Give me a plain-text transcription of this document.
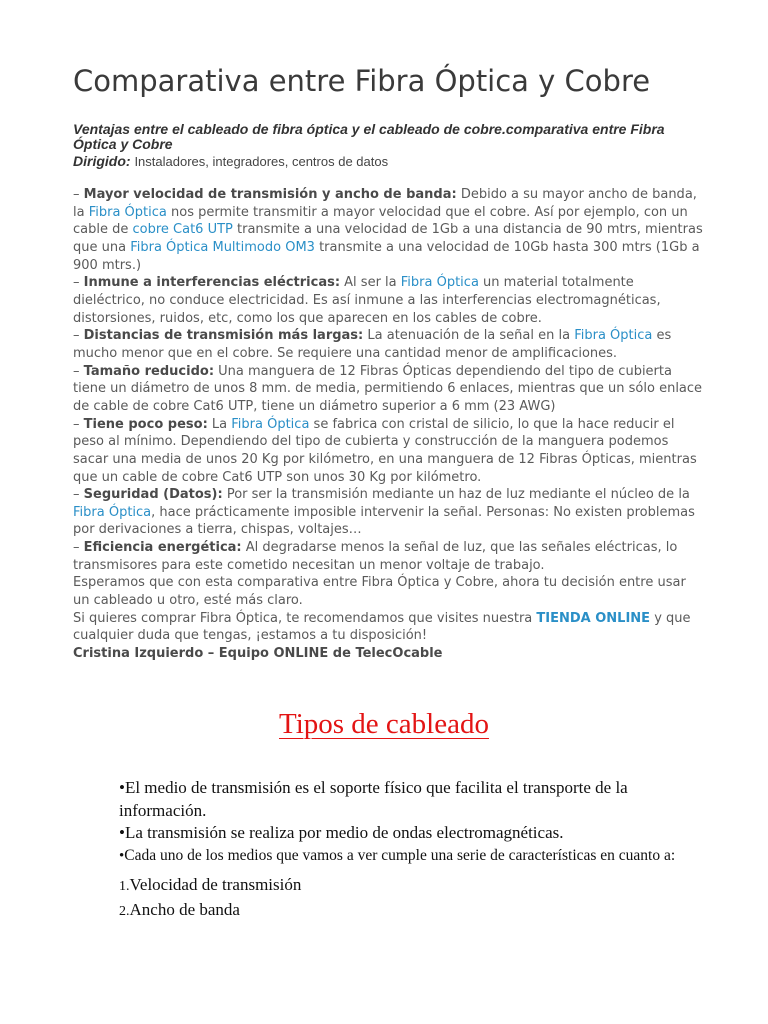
Comparativa entre Fibra Óptica y Cobre

Ventajas entre el cableado de fibra óptica y el cableado de cobre.comparativa entre Fibra Óptica y Cobre

Dirigido: Instaladores, integradores, centros de datos

– Mayor velocidad de transmisión y ancho de banda: Debido a su mayor ancho de banda, la Fibra Óptica nos permite transmitir a mayor velocidad que el cobre. Así por ejemplo, con un cable de cobre Cat6 UTP transmite a una velocidad de 1Gb a una distancia de 90 mtrs, mientras que una Fibra Óptica Multimodo OM3 transmite a una velocidad de 10Gb hasta 300 mtrs (1Gb a 900 mtrs.)

– Inmune a interferencias eléctricas: Al ser la Fibra Óptica un material totalmente dieléctrico, no conduce electricidad. Es así inmune a las interferencias electromagnéticas, distorsiones, ruidos, etc, como los que aparecen en los cables de cobre.

– Distancias de transmisión más largas: La atenuación de la señal en la Fibra Óptica es mucho menor que en el cobre. Se requiere una cantidad menor de amplificaciones.

– Tamaño reducido: Una manguera de 12 Fibras Ópticas dependiendo del tipo de cubierta tiene un diámetro de unos 8 mm. de media, permitiendo 6 enlaces, mientras que un sólo enlace de cable de cobre Cat6 UTP, tiene un diámetro superior a 6 mm (23 AWG)

– Tiene poco peso: La Fibra Óptica se fabrica con cristal de silicio, lo que la hace reducir el peso al mínimo. Dependiendo del tipo de cubierta y construcción de la manguera podemos sacar una media de unos 20 Kg por kilómetro, en una manguera de 12 Fibras Ópticas, mientras que un cable de cobre Cat6 UTP son unos 30 Kg por kilómetro.

– Seguridad (Datos): Por ser la transmisión mediante un haz de luz mediante el núcleo de la Fibra Óptica, hace prácticamente imposible intervenir la señal. Personas: No existen problemas por derivaciones a tierra, chispas, voltajes…

– Eficiencia energética: Al degradarse menos la señal de luz, que las señales eléctricas, lo transmisores para este cometido necesitan un menor voltaje de trabajo.

Esperamos que con esta comparativa entre Fibra Óptica y Cobre, ahora tu decisión entre usar un cableado u otro, esté más claro.

Si quieres comprar Fibra Óptica, te recomendamos que visites nuestra TIENDA ONLINE y que cualquier duda que tengas, ¡estamos a tu disposición!

Cristina Izquierdo – Equipo ONLINE de TelecOcable

Tipos de cableado

•El medio de transmisión es el soporte físico que facilita el transporte de la información.

•La transmisión se realiza por medio de ondas electromagnéticas.

•Cada uno de los medios que vamos a ver cumple una serie de características en cuanto a:

1.Velocidad de transmisión

2.Ancho de banda
